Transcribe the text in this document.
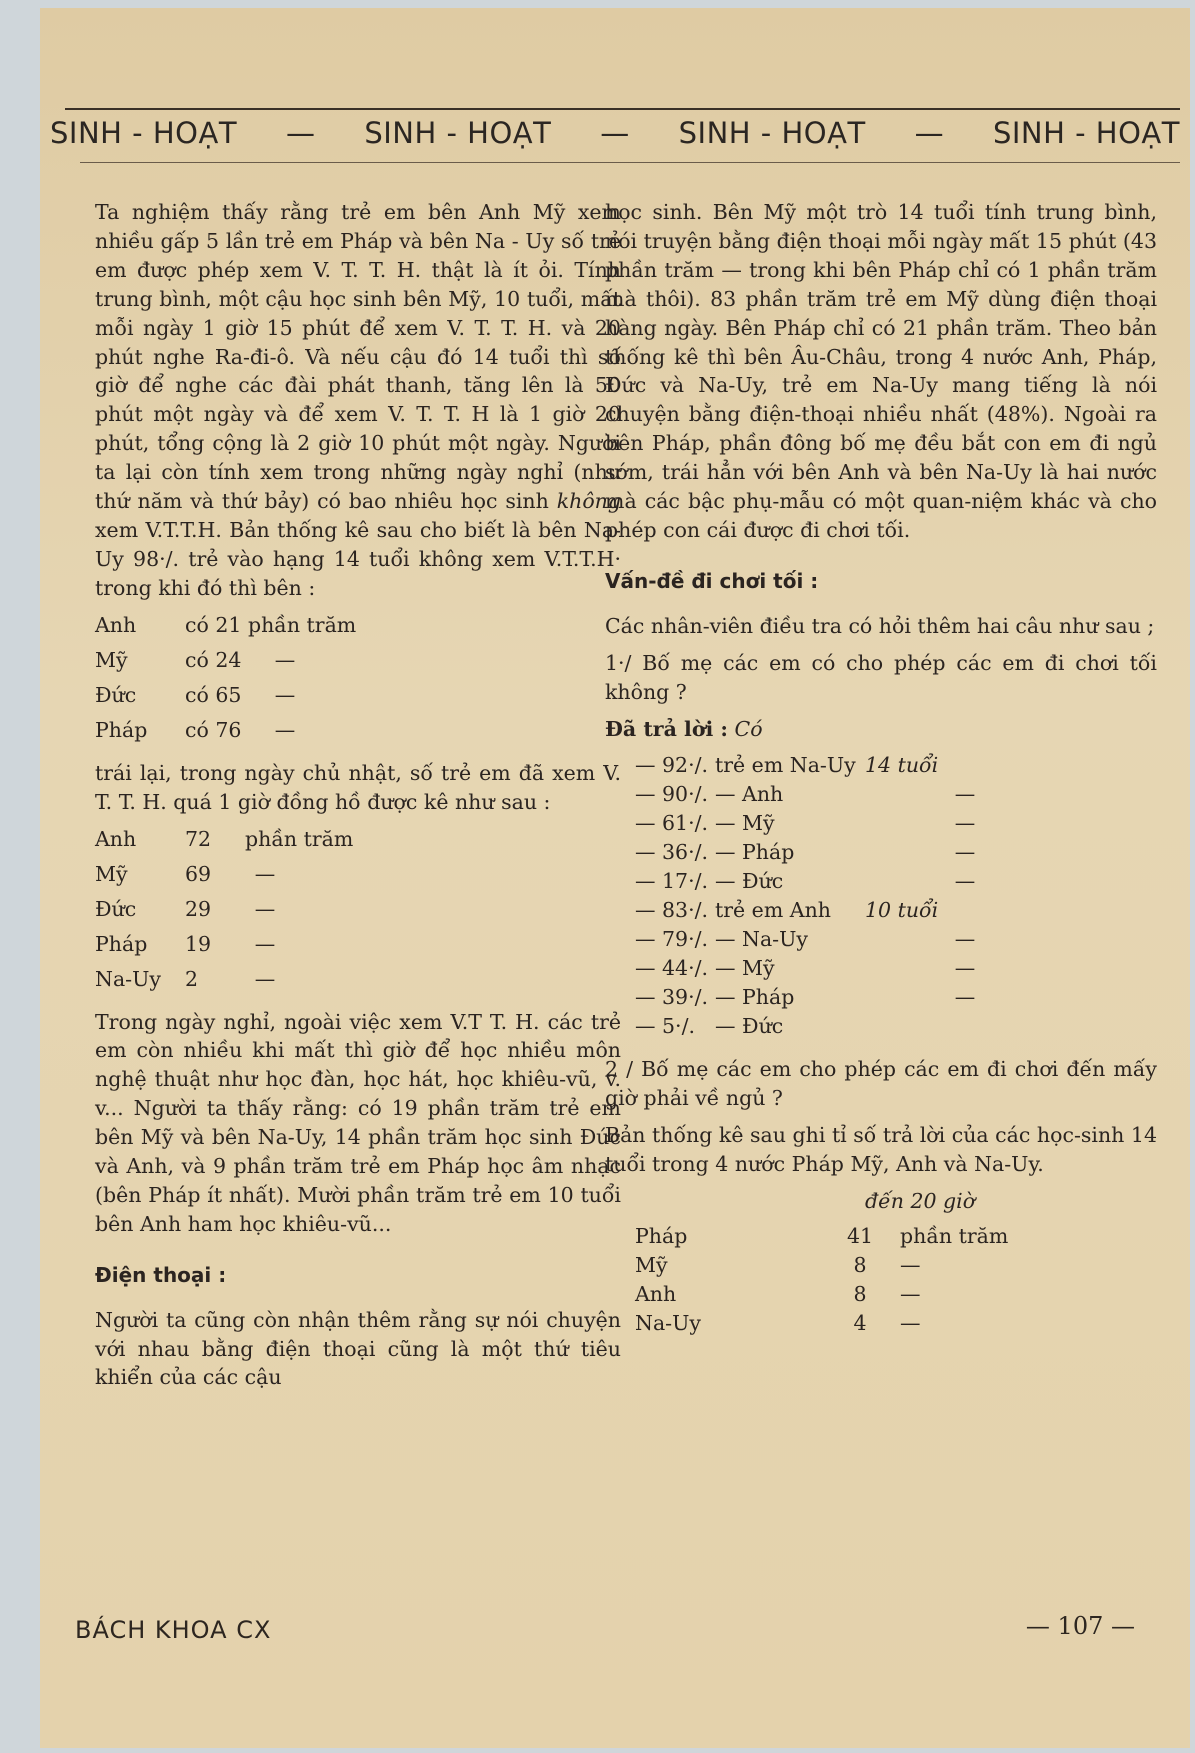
SINH - HOẠT — SINH - HOẠT — SINH - HOẠT — SINH - HOẠT

Ta nghiệm thấy rằng trẻ em bên Anh Mỹ xem nhiều gấp 5 lần trẻ em Pháp và bên Na - Uy số trẻ em được phép xem V. T. T. H. thật là ít ỏi. Tính trung bình, một cậu học sinh bên Mỹ, 10 tuổi, mất mỗi ngày 1 giờ 15 phút để xem V. T. T. H. và 20 phút nghe Ra-đi-ô. Và nếu cậu đó 14 tuổi thì số giờ để nghe các đài phát thanh, tăng lên là 50 phút một ngày và để xem V. T. T. H là 1 giờ 20 phút, tổng cộng là 2 giờ 10 phút một ngày. Người ta lại còn tính xem trong những ngày nghỉ (như thứ năm và thứ bảy) có bao nhiêu học sinh không xem V.T.T.H. Bản thống kê sau cho biết là bên Na-Uy 98·/. trẻ vào hạng 14 tuổi không xem V.T.T.H· trong khi đó thì bên :

Anh	có 21 phần trăm
Mỹ	có 24	—
Đức	có 65	—
Pháp	có 76	—

trái lại, trong ngày chủ nhật, số trẻ em đã xem V. T. T. H. quá 1 giờ đồng hồ được kê như sau :

Anh	72	phần trăm
Mỹ	69	—
Đức	29	—
Pháp	19	—
Na-Uy	2	—

Trong ngày nghỉ, ngoài việc xem V.T T. H. các trẻ em còn nhiều khi mất thì giờ để học nhiều môn nghệ thuật như học đàn, học hát, học khiêu-vũ, v. v... Người ta thấy rằng: có 19 phần trăm trẻ em bên Mỹ và bên Na-Uy, 14 phần trăm học sinh Đức và Anh, và 9 phần trăm trẻ em Pháp học âm nhạc (bên Pháp ít nhất). Mười phần trăm trẻ em 10 tuổi bên Anh ham học khiêu-vũ...

Điện thoại :

Người ta cũng còn nhận thêm rằng sự nói chuyện với nhau bằng điện thoại cũng là một thứ tiêu khiển của các cậu

học sinh. Bên Mỹ một trò 14 tuổi tính trung bình, nói truyện bằng điện thoại mỗi ngày mất 15 phút (43 phần trăm — trong khi bên Pháp chỉ có 1 phần trăm mà thôi). 83 phần trăm trẻ em Mỹ dùng điện thoại hàng ngày. Bên Pháp chỉ có 21 phần trăm. Theo bản thống kê thì bên Âu-Châu, trong 4 nước Anh, Pháp, Đức và Na-Uy, trẻ em Na-Uy mang tiếng là nói chuyện bằng điện-thoại nhiều nhất (48%). Ngoài ra bên Pháp, phần đông bố mẹ đều bắt con em đi ngủ sớm, trái hẳn với bên Anh và bên Na-Uy là hai nước mà các bậc phụ-mẫu có một quan-niệm khác và cho phép con cái được đi chơi tối.

Vấn-đề đi chơi tối :

Các nhân-viên điều tra có hỏi thêm hai câu như sau ;

1·/ Bố mẹ các em có cho phép các em đi chơi tối không ?

Đã trả lời : Có

— 92·/. trẻ em Na-Uy 14 tuổi
— 90·/. — Anh	—
— 61·/. — Mỹ	—
— 36·/. — Pháp	—
— 17·/. — Đức	—
— 83·/. trẻ em Anh	10 tuổi
— 79·/. — Na-Uy	—
— 44·/. — Mỹ	—
— 39·/. — Pháp	—
— 5·/. — Đức

2 / Bố mẹ các em cho phép các em đi chơi đến mấy giờ phải về ngủ ?

Bản thống kê sau ghi tỉ số trả lời của các học-sinh 14 tuổi trong 4 nước Pháp Mỹ, Anh và Na-Uy.

đến 20 giờ
Pháp	41	phần trăm
Mỹ	8	—
Anh	8	—
Na-Uy	4	—
BÁCH KHOA CX	— 107 —
